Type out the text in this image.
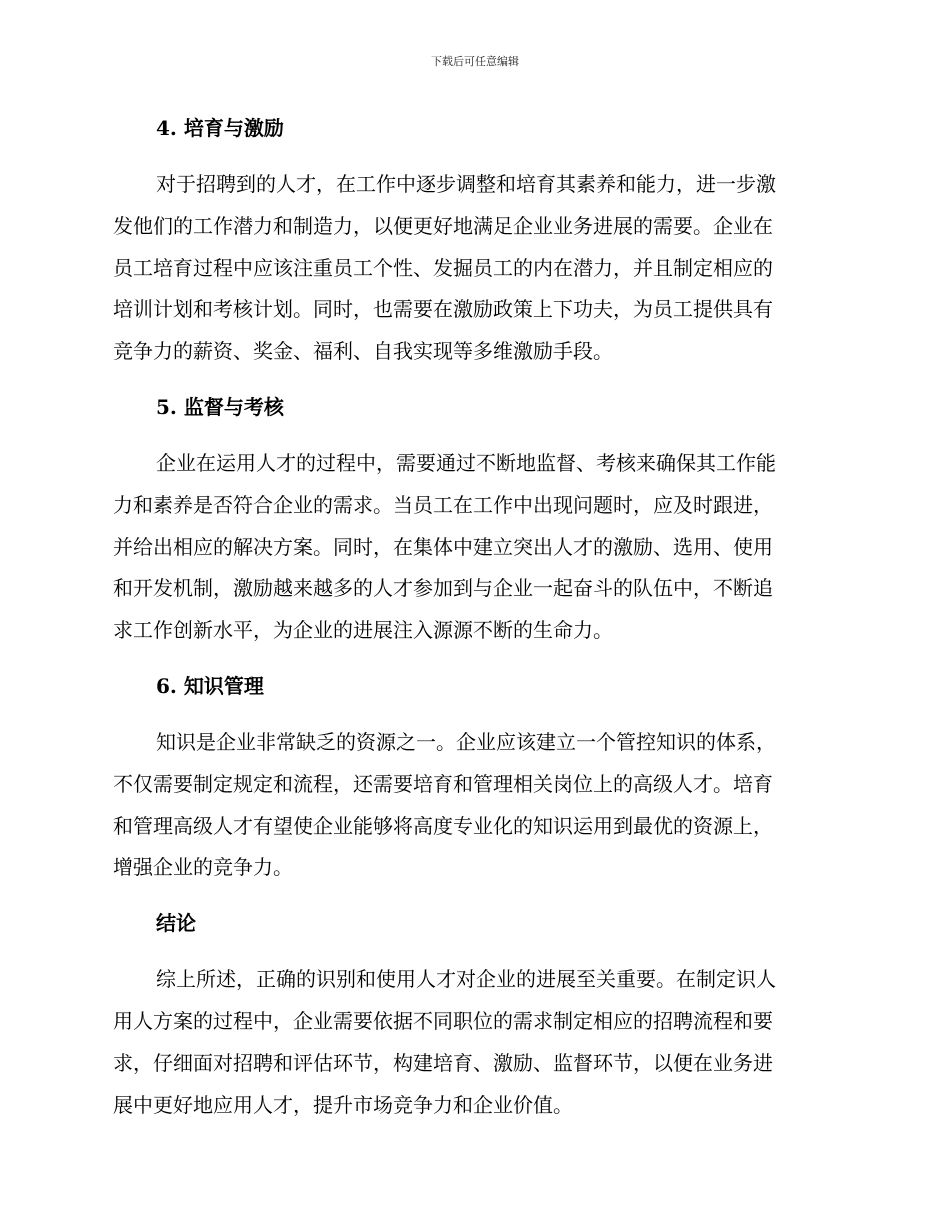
下载后可任意编辑
4. 培育与激励

对于招聘到的人才，在工作中逐步调整和培育其素养和能力，进一步激
发他们的工作潜力和制造力，以便更好地满足企业业务进展的需要。企业在
员工培育过程中应该注重员工个性、发掘员工的内在潜力，并且制定相应的
培训计划和考核计划。同时，也需要在激励政策上下功夫，为员工提供具有
竞争力的薪资、奖金、福利、自我实现等多维激励手段。

5. 监督与考核

企业在运用人才的过程中，需要通过不断地监督、考核来确保其工作能
力和素养是否符合企业的需求。当员工在工作中出现问题时，应及时跟进，
并给出相应的解决方案。同时，在集体中建立突出人才的激励、选用、使用
和开发机制，激励越来越多的人才参加到与企业一起奋斗的队伍中，不断追
求工作创新水平，为企业的进展注入源源不断的生命力。

6. 知识管理

知识是企业非常缺乏的资源之一。企业应该建立一个管控知识的体系，
不仅需要制定规定和流程，还需要培育和管理相关岗位上的高级人才。培育
和管理高级人才有望使企业能够将高度专业化的知识运用到最优的资源上，
增强企业的竞争力。

结论

综上所述，正确的识别和使用人才对企业的进展至关重要。在制定识人
用人方案的过程中，企业需要依据不同职位的需求制定相应的招聘流程和要
求，仔细面对招聘和评估环节，构建培育、激励、监督环节，以便在业务进
展中更好地应用人才，提升市场竞争力和企业价值。
